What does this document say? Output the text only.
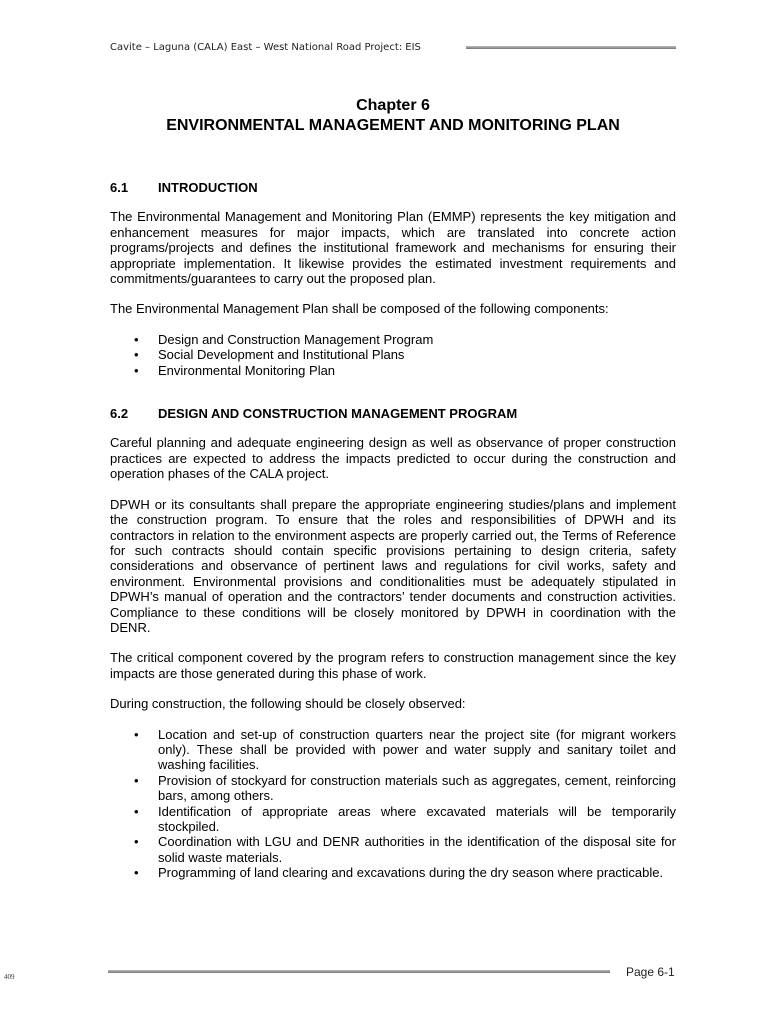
Cavite – Laguna (CALA) East – West National Road Project: EIS
Chapter 6
ENVIRONMENTAL MANAGEMENT AND MONITORING PLAN
6.1	INTRODUCTION

The Environmental Management and Monitoring Plan (EMMP) represents the key mitigation and enhancement measures for major impacts, which are translated into concrete action programs/projects and defines the institutional framework and mechanisms for ensuring their appropriate implementation. It likewise provides the estimated investment requirements and commitments/guarantees to carry out the proposed plan.

The Environmental Management Plan shall be composed of the following components:

• Design and Construction Management Program
• Social Development and Institutional Plans
• Environmental Monitoring Plan
6.2	DESIGN AND CONSTRUCTION MANAGEMENT PROGRAM

Careful planning and adequate engineering design as well as observance of proper construction practices are expected to address the impacts predicted to occur during the construction and operation phases of the CALA project.

DPWH or its consultants shall prepare the appropriate engineering studies/plans and implement the construction program. To ensure that the roles and responsibilities of DPWH and its contractors in relation to the environment aspects are properly carried out, the Terms of Reference for such contracts should contain specific provisions pertaining to design criteria, safety considerations and observance of pertinent laws and regulations for civil works, safety and environment. Environmental provisions and conditionalities must be adequately stipulated in DPWH’s manual of operation and the contractors’ tender documents and construction activities. Compliance to these conditions will be closely monitored by DPWH in coordination with the DENR.

The critical component covered by the program refers to construction management since the key impacts are those generated during this phase of work.

During construction, the following should be closely observed:

• Location and set-up of construction quarters near the project site (for migrant workers only). These shall be provided with power and water supply and sanitary toilet and washing facilities.
• Provision of stockyard for construction materials such as aggregates, cement, reinforcing bars, among others.
• Identification of appropriate areas where excavated materials will be temporarily stockpiled.
• Coordination with LGU and DENR authorities in the identification of the disposal site for solid waste materials.
• Programming of land clearing and excavations during the dry season where practicable.
409	Page 6-1
